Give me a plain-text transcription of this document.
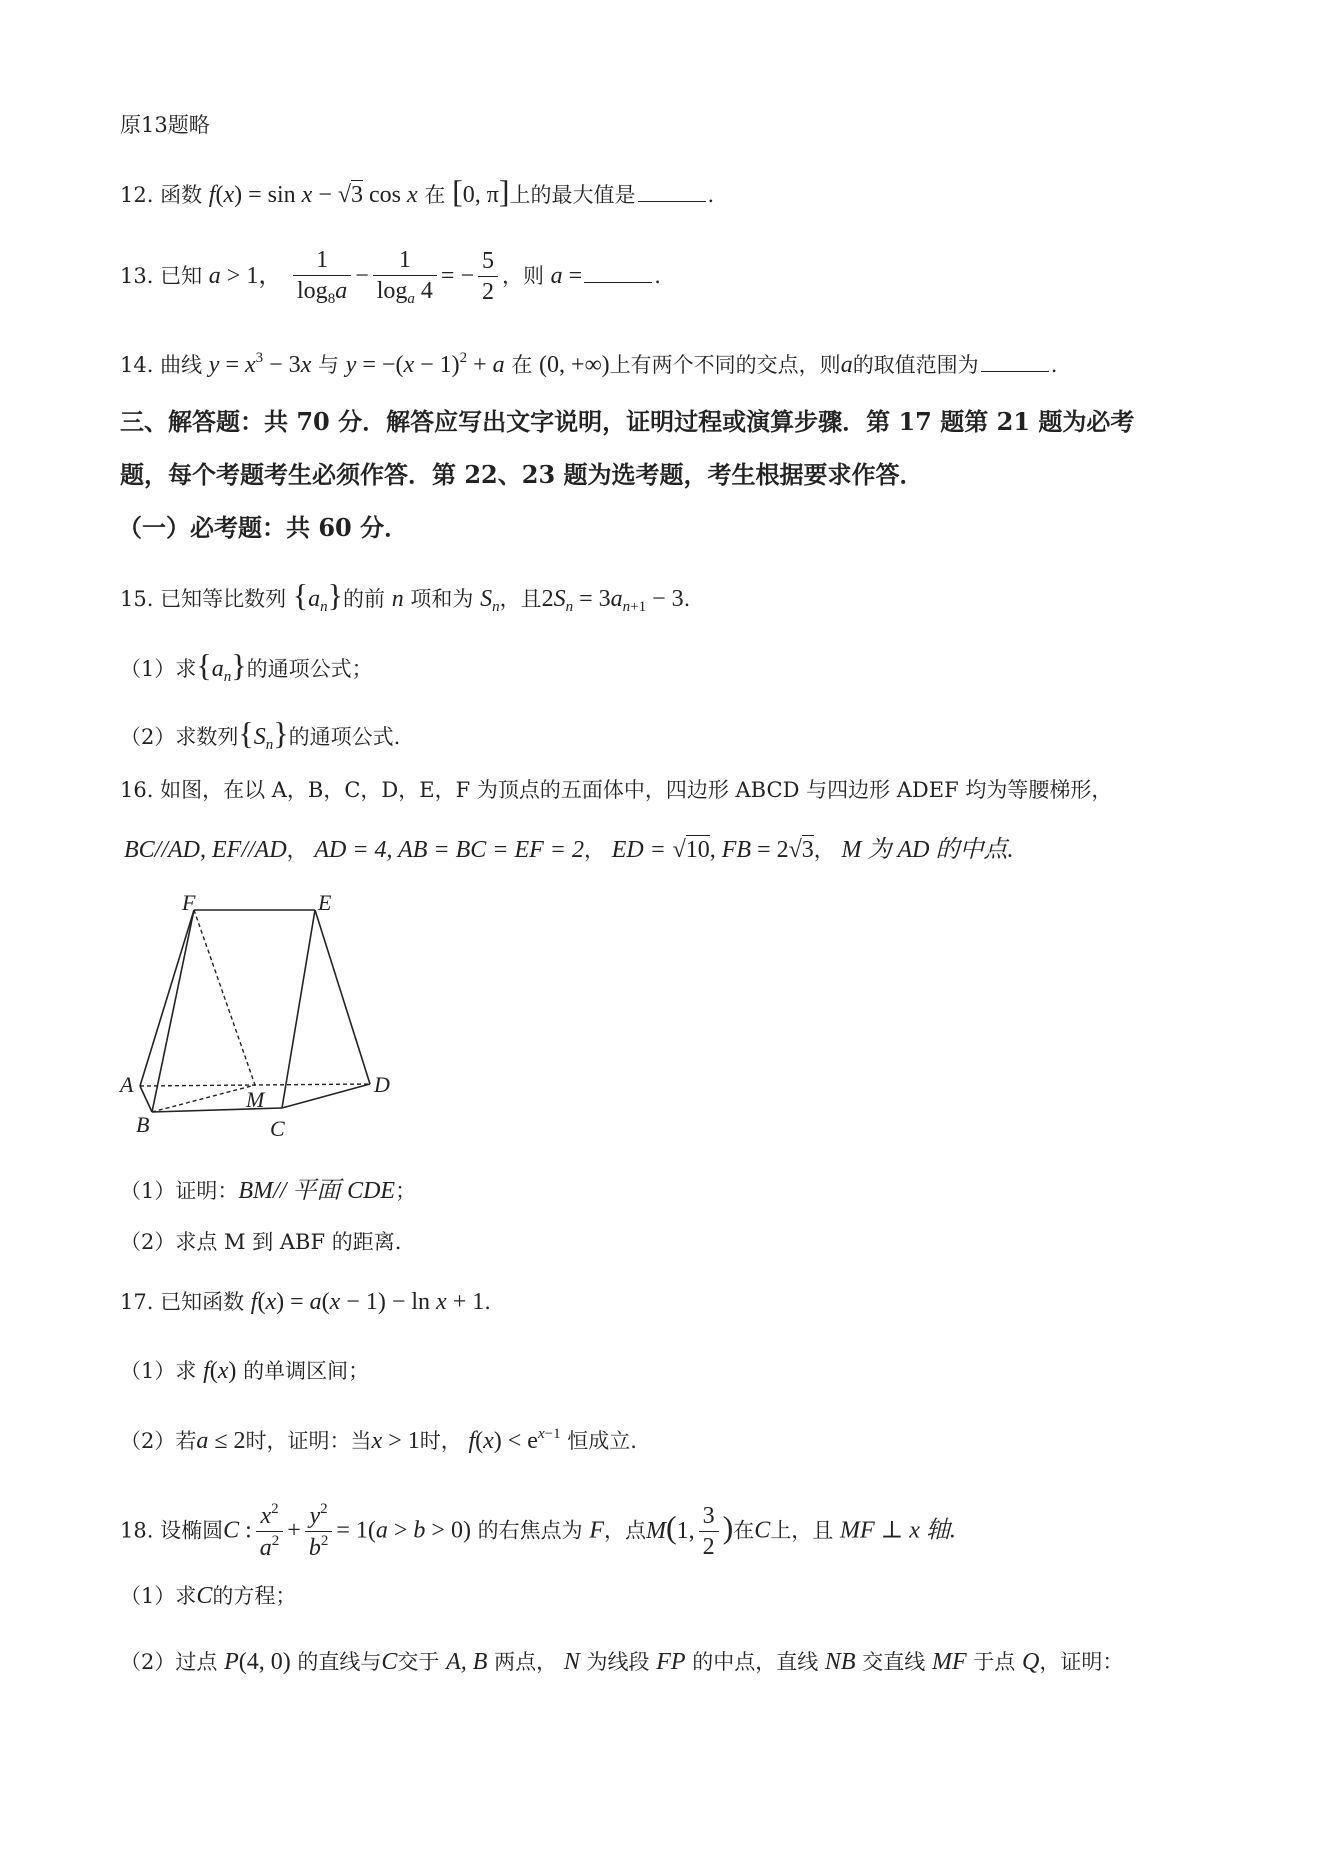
原13题略
12. 函数 f(x) = sin x − √3 cos x 在 [0, π]上的最大值是	.
13. 已知 a > 1， $\frac{1}{\log_8a} - \frac{1}{\log_a 4}$ = − $\frac{5}{2}$ ，则 a =	.
14. 曲线 $y = x^3 - 3x$ 与 $y = -(x - 1)^2 + a$ 在 (0, +∞)上有两个不同的交点，则a的取值范围为	.
三、解答题：共 70 分．解答应写出文字说明，证明过程或演算步骤．第 17 题第 21 题为必考
题，每个考题考生必须作答．第 22、23 题为选考题，考生根据要求作答．
（一）必考题：共 60 分．
15. 已知等比数列 $\{a_n\}$的前 n 项和为 $S_n$，且$2S_n = 3a_{n+1} - 3$.
（1）求$\{a_n\}$的通项公式；
（2）求数列$\{S_n\}$的通项公式.
16. 如图，在以 A，B，C，D，E，F 为顶点的五面体中，四边形 ABCD 与四边形 ADEF 均为等腰梯形，
BC//AD, EF//AD， AD = 4, AB = BC = EF = 2， ED = √10, FB = 2√3， M 为 AD 的中点.
F	E
A
M
D
B	C
（1）证明：BM// 平面 CDE；
（2）求点 M 到 ABF 的距离.
17. 已知函数 f(x) = a(x − 1) − ln x + 1.
（1）求 f(x) 的单调区间；
（2）若a ≤ 2时，证明：当x > 1时， $f(x) < e^{x-1}$ 恒成立.
18. 设椭圆C : $\frac{x^2}{a^2} + \frac{y^2}{b^2} = 1(a > b > 0)$ 的右焦点为 F，点M(1, $\frac{3}{2}$ )在C上，且 MF ⊥ x 轴.
（1）求C的方程；
（2）过点 P(4, 0) 的直线与C交于 A, B 两点， N 为线段 FP 的中点，直线 NB 交直线 MF 于点 Q，证明：
